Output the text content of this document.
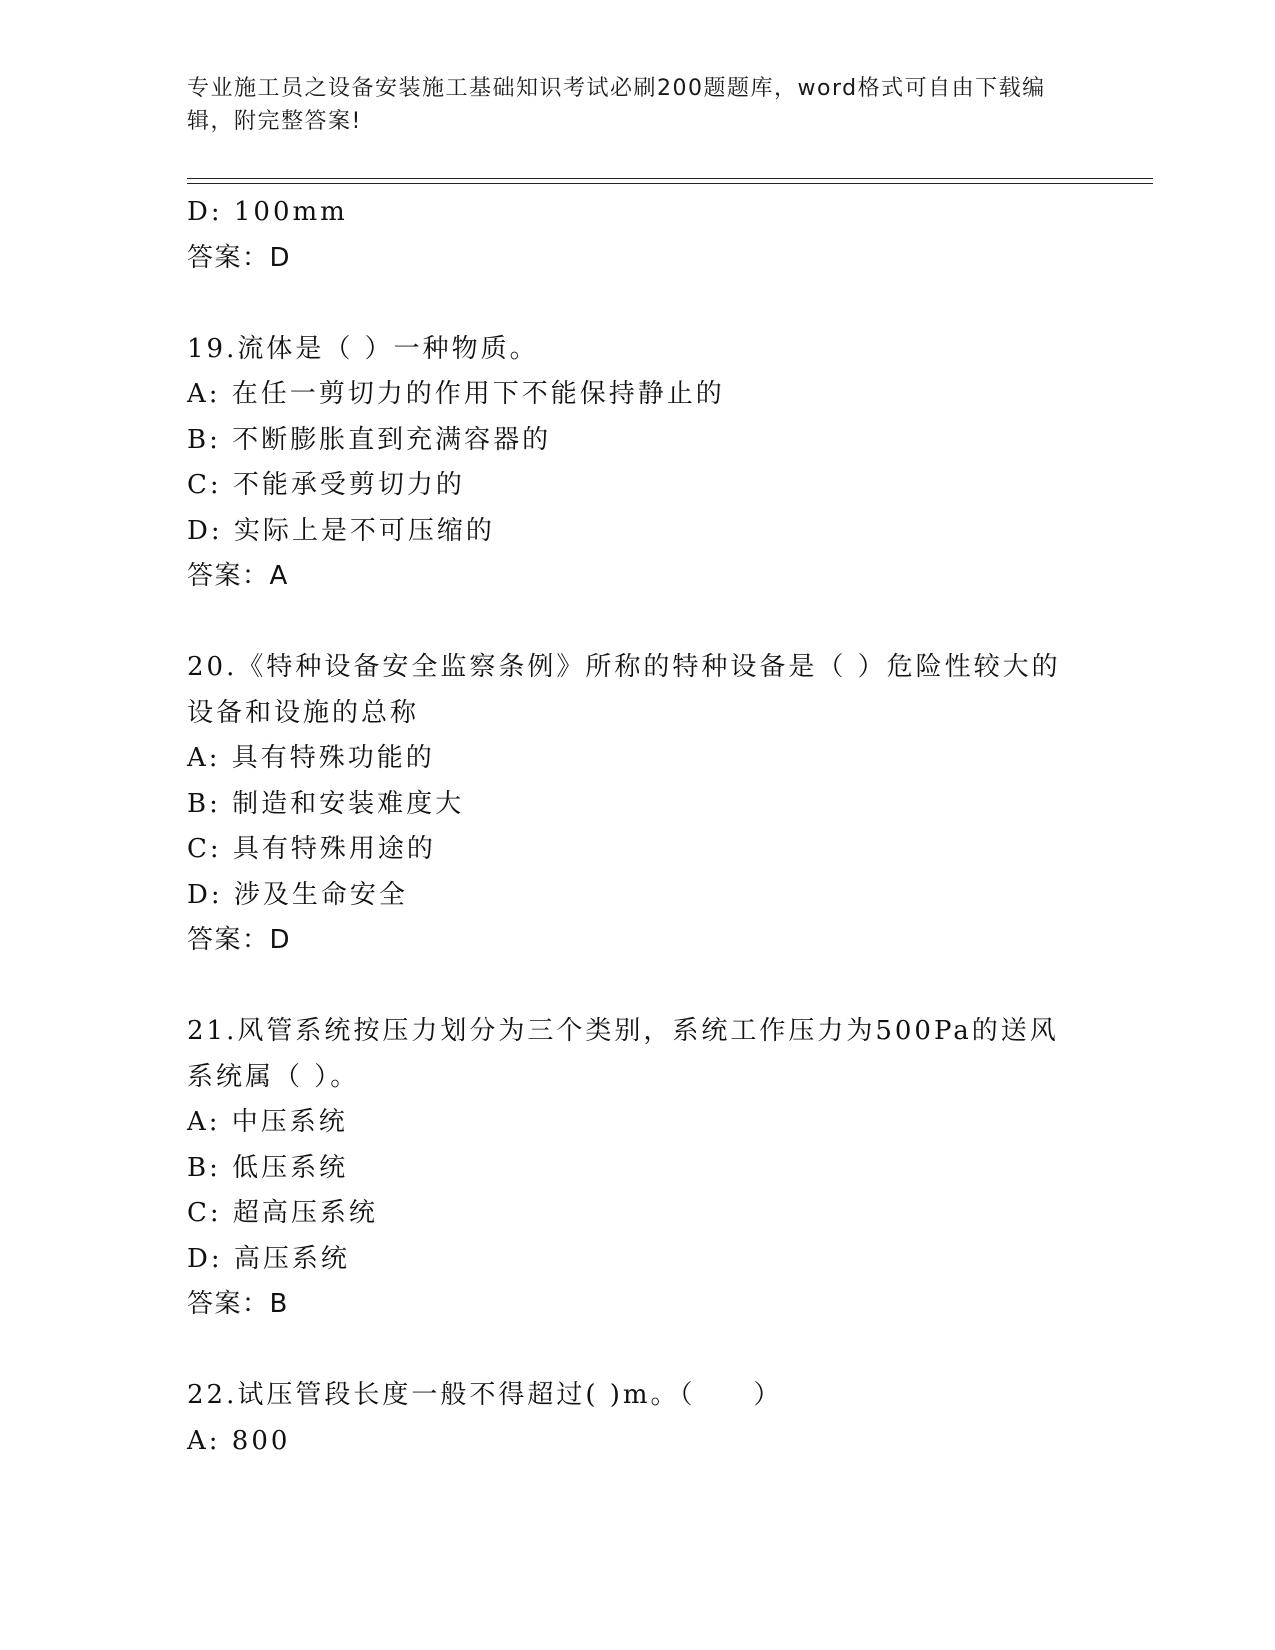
专业施工员之设备安装施工基础知识考试必刷200题题库，word格式可自由下载编辑，附完整答案!
D: 100mm
答案：D
19.流体是（ ）一种物质。
A: 在任一剪切力的作用下不能保持静止的
B: 不断膨胀直到充满容器的
C: 不能承受剪切力的
D: 实际上是不可压缩的
答案：A
20.《特种设备安全监察条例》所称的特种设备是（ ）危险性较大的设备和设施的总称
A: 具有特殊功能的
B: 制造和安装难度大
C: 具有特殊用途的
D: 涉及生命安全
答案：D
21.风管系统按压力划分为三个类别，系统工作压力为500Pa的送风系统属（ ）。
A: 中压系统
B: 低压系统
C: 超高压系统
D: 高压系统
答案：B
22.试压管段长度一般不得超过( )m。（　　）
A: 800
